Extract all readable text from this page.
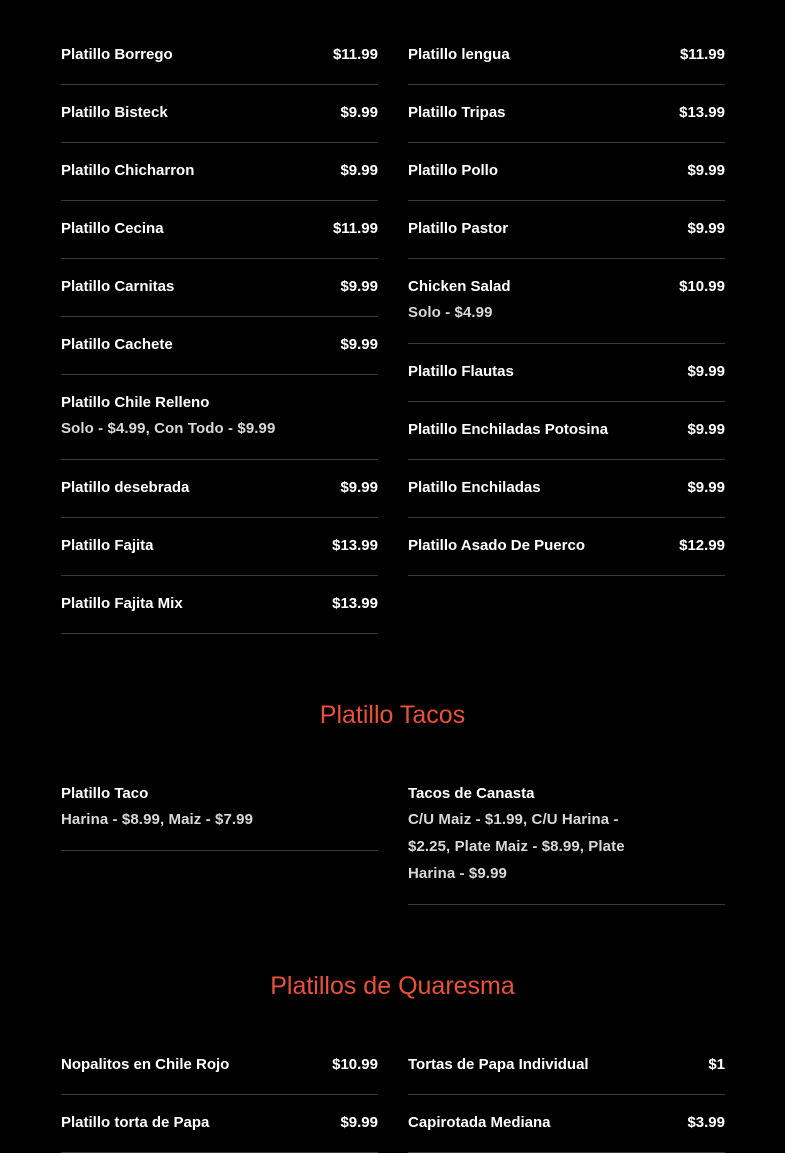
Platillo Borrego	$11.99
Platillo Bisteck	$9.99
Platillo Chicharron	$9.99
Platillo Cecina	$11.99
Platillo Carnitas	$9.99
Platillo Cachete	$9.99
Platillo Chile Relleno
Solo - $4.99, Con Todo - $9.99
Platillo desebrada	$9.99
Platillo Fajita	$13.99
Platillo Fajita Mix	$13.99
Platillo lengua	$11.99
Platillo Tripas	$13.99
Platillo Pollo	$9.99
Platillo Pastor	$9.99
Chicken Salad	$10.99
Solo - $4.99
Platillo Flautas	$9.99
Platillo Enchiladas Potosina	$9.99
Platillo Enchiladas	$9.99
Platillo Asado De Puerco	$12.99
Platillo Tacos
Platillo Taco
Harina - $8.99, Maiz - $7.99
Tacos de Canasta
C/U Maiz - $1.99, C/U Harina - $2.25, Plate Maiz - $8.99, Plate Harina - $9.99
Platillos de Quaresma
Nopalitos en Chile Rojo	$10.99
Platillo torta de Papa	$9.99
Tortas de Papa Individual	$1
Capirotada Mediana	$3.99
